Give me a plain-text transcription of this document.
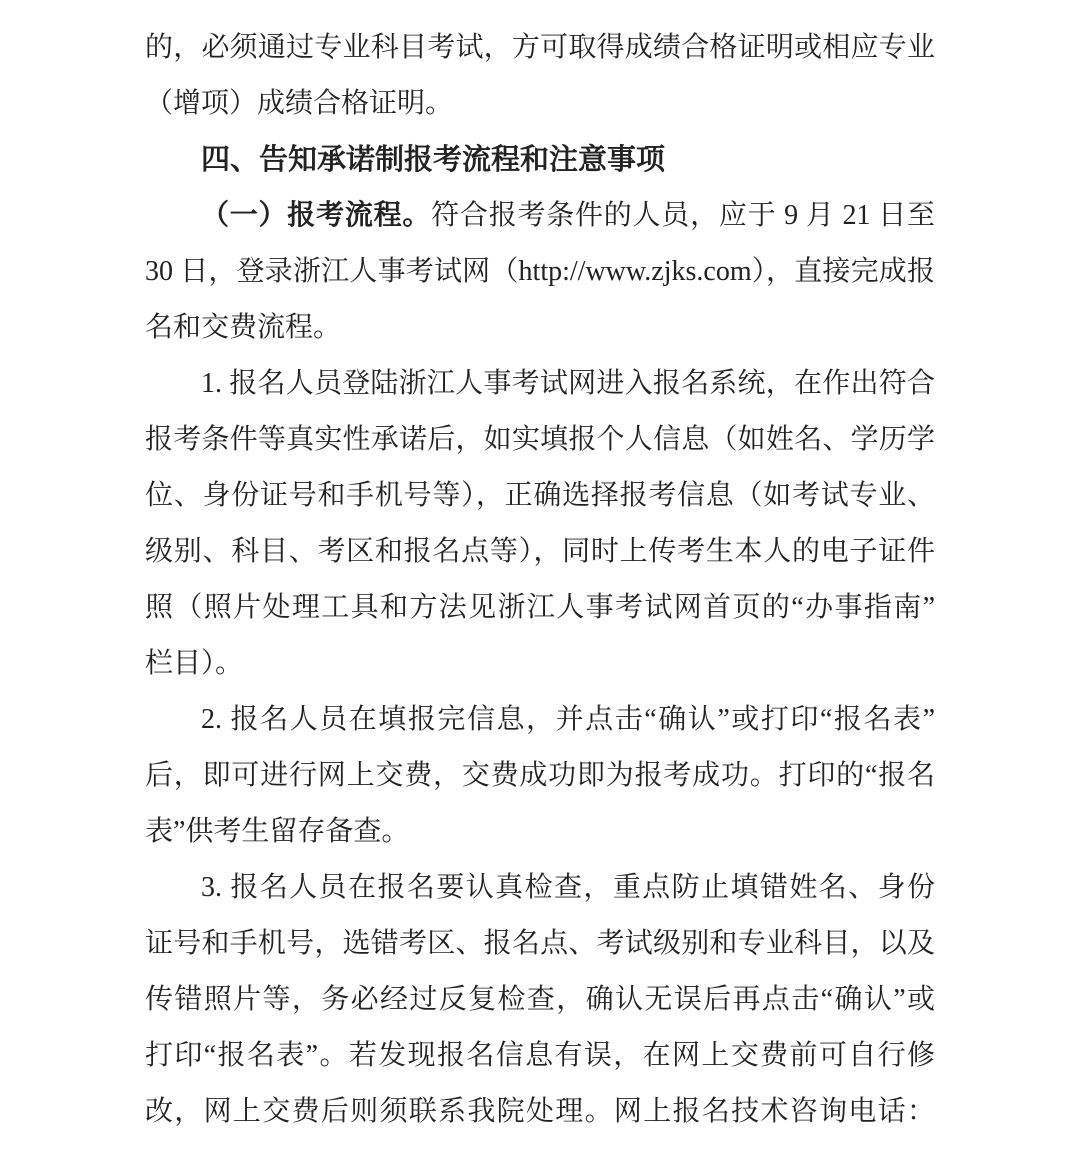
的，必须通过专业科目考试，方可取得成绩合格证明或相应专业
（增项）成绩合格证明。
四、告知承诺制报考流程和注意事项
（一）报考流程。符合报考条件的人员，应于 9 月 21 日至
30 日，登录浙江人事考试网（http://www.zjks.com），直接完成报
名和交费流程。
1. 报名人员登陆浙江人事考试网进入报名系统，在作出符合
报考条件等真实性承诺后，如实填报个人信息（如姓名、学历学
位、身份证号和手机号等），正确选择报考信息（如考试专业、
级别、科目、考区和报名点等），同时上传考生本人的电子证件
照（照片处理工具和方法见浙江人事考试网首页的“办事指南”
栏目）。
2. 报名人员在填报完信息，并点击“确认”或打印“报名表”
后，即可进行网上交费，交费成功即为报考成功。打印的“报名
表”供考生留存备查。
3. 报名人员在报名要认真检查，重点防止填错姓名、身份
证号和手机号，选错考区、报名点、考试级别和专业科目，以及
传错照片等，务必经过反复检查，确认无误后再点击“确认”或
打印“报名表”。若发现报名信息有误，在网上交费前可自行修
改，网上交费后则须联系我院处理。网上报名技术咨询电话：
